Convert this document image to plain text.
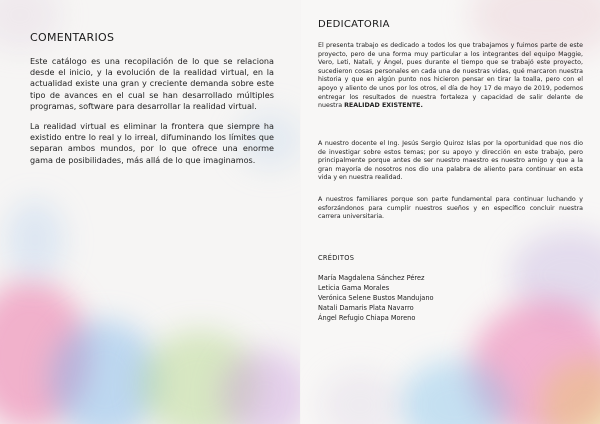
COMENTARIOS

Este catálogo es una recopilación de lo que se relaciona desde el inicio, y la evolución de la realidad virtual, en la actualidad existe una gran y creciente demanda sobre este tipo de avances en el cual se han desarrollado múltiples programas, software para desarrollar la realidad virtual.

La realidad virtual es eliminar la frontera que siempre ha existido entre lo real y lo irreal, difuminando los límites que separan ambos mundos, por lo que ofrece una enorme gama de posibilidades, más allá de lo que imaginamos.

DEDICATORIA

El presenta trabajo es dedicado a todos los que trabajamos y fuimos parte de este proyecto, pero de una forma muy particular a los integrantes del equipo Maggie, Vero, Leti, Natali, y Ángel, pues durante el tiempo que se trabajó este proyecto, sucedieron cosas personales en cada una de nuestras vidas, qué marcaron nuestra historia y que en algún punto nos hicieron pensar en tirar la toalla, pero con el apoyo y aliento de unos por los otros, el día de hoy 17 de mayo de 2019, podemos entregar los resultados de nuestra fortaleza y capacidad de salir delante de nuestra REALIDAD EXISTENTE.

A nuestro docente el Ing. Jesús Sergio Quiroz Islas por la oportunidad que nos dio de investigar sobre estos temas; por su apoyo y dirección en este trabajo, pero principalmente porque antes de ser nuestro maestro es nuestro amigo y que a la gran mayoría de nosotros nos dio una palabra de aliento para continuar en esta vida y en nuestra realidad.

A nuestros familiares porque son parte fundamental para continuar luchando y esforzándonos para cumplir nuestros sueños y en específico concluir nuestra carrera universitaria.

CRÉDITOS
María Magdalena Sánchez Pérez
Leticia Gama Morales
Verónica Selene Bustos Mandujano
Natali Damaris Plata Navarro
Ángel Refugio Chiapa Moreno
